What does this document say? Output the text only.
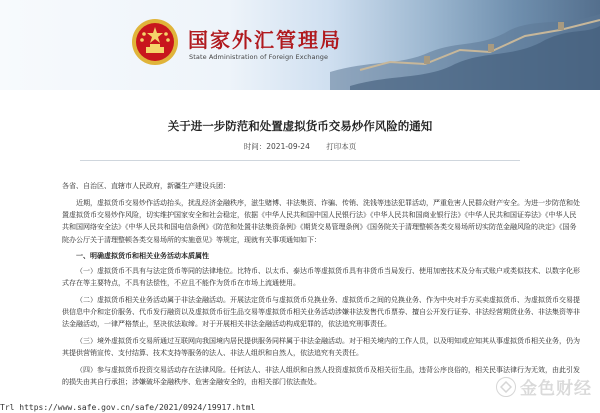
国家外汇管理局
State Administration of Foreign Exchange
关于进一步防范和处置虚拟货币交易炒作风险的通知
时间：2021-09-24 打印本页

各省、自治区、直辖市人民政府，新疆生产建设兵团：

近期，虚拟货币交易炒作活动抬头，扰乱经济金融秩序，滋生赌博、非法集资、诈骗、传销、洗钱等违法犯罪活动，严重危害人民群众财产安全。为进一步防范和处置虚拟货币交易炒作风险，切实维护国家安全和社会稳定，依据《中华人民共和国中国人民银行法》《中华人民共和国商业银行法》《中华人民共和国证券法》《中华人民共和国网络安全法》《中华人民共和国电信条例》《防范和处置非法集资条例》《期货交易管理条例》《国务院关于清理整顿各类交易场所切实防范金融风险的决定》《国务院办公厅关于清理整顿各类交易场所的实施意见》等规定，现就有关事项通知如下：

一、明确虚拟货币和相关业务活动本质属性

（一）虚拟货币不具有与法定货币等同的法律地位。比特币、以太币、泰达币等虚拟货币具有非货币当局发行、使用加密技术及分布式账户或类似技术、以数字化形式存在等主要特点，不具有法偿性，不应且不能作为货币在市场上流通使用。

（二）虚拟货币相关业务活动属于非法金融活动。开展法定货币与虚拟货币兑换业务、虚拟货币之间的兑换业务、作为中央对手方买卖虚拟货币、为虚拟货币交易提供信息中介和定价服务、代币发行融资以及虚拟货币衍生品交易等虚拟货币相关业务活动涉嫌非法发售代币票券、擅自公开发行证券、非法经营期货业务、非法集资等非法金融活动，一律严格禁止，坚决依法取缔。对于开展相关非法金融活动构成犯罪的，依法追究刑事责任。

（三）境外虚拟货币交易所通过互联网向我国境内居民提供服务同样属于非法金融活动。对于相关境内的工作人员，以及明知或应知其从事虚拟货币相关业务，仍为其提供营销宣传、支付结算、技术支持等服务的法人、非法人组织和自然人，依法追究有关责任。

（四）参与虚拟货币投资交易活动存在法律风险。任何法人、非法人组织和自然人投资虚拟货币及相关衍生品，违背公序良俗的，相关民事法律行为无效，由此引发的损失由其自行承担；涉嫌破坏金融秩序、危害金融安全的，由相关部门依法查处。	金色财经
Trl https://www.safe.gov.cn/safe/2021/0924/19917.html
